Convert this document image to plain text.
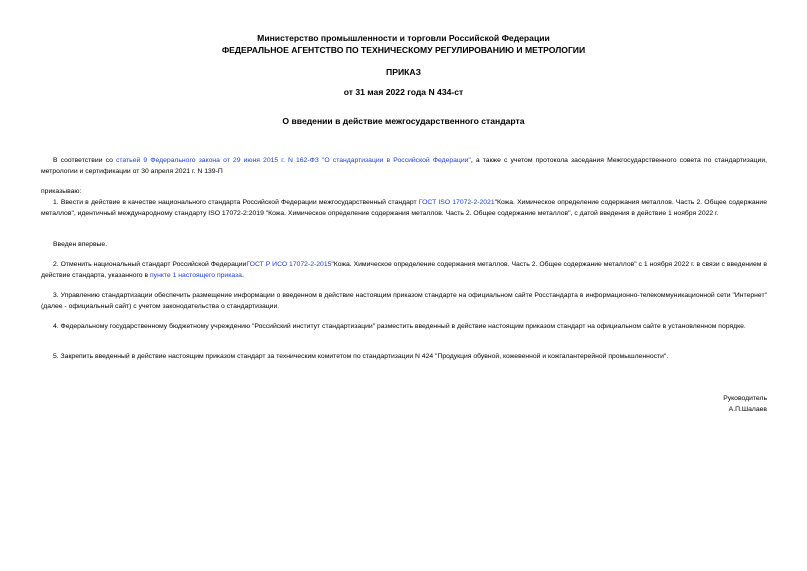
Министерство промышленности и торговли Российской Федерации
ФЕДЕРАЛЬНОЕ АГЕНТСТВО ПО ТЕХНИЧЕСКОМУ РЕГУЛИРОВАНИЮ И МЕТРОЛОГИИ
ПРИКАЗ
от 31 мая 2022 года N 434-ст
О введении в действие межгосударственного стандарта
В соответствии со статьей 9 Федерального закона от 29 июня 2015 г. N 162-ФЗ "О стандартизации в Российской Федерации", а также с учетом протокола заседания Межгосударственного совета по стандартизации, метрологии и сертификации от 30 апреля 2021 г. N 139-П
приказываю:
1. Ввести в действие в качестве национального стандарта Российской Федерации межгосударственный стандарт ГОСТ ISO 17072-2-2021"Кожа. Химическое определение содержания металлов. Часть 2. Общее содержание металлов", идентичный международному стандарту ISO 17072-2:2019 "Кожа. Химическое определение содержания металлов. Часть 2. Общее содержание металлов", с датой введения в действие 1 ноября 2022 г.
Введен впервые.
2. Отменить национальный стандарт Российской ФедерацииГОСТ Р ИСО 17072-2-2015"Кожа. Химическое определение содержания металлов. Часть 2. Общее содержание металлов" с 1 ноября 2022 г. в связи с введением в действие стандарта, указанного в пункте 1 настоящего приказа.
3. Управлению стандартизации обеспечить размещение информации о введенном в действие настоящим приказом стандарте на официальном сайте Росстандарта в информационно-телекоммуникационной сети "Интернет" (далее - официальный сайт) с учетом законодательства о стандартизации.
4. Федеральному государственному бюджетному учреждению "Российский институт стандартизации" разместить введенный в действие настоящим приказом стандарт на официальном сайте в установленном порядке.
5. Закрепить введенный в действие настоящим приказом стандарт за техническим комитетом по стандартизации N 424 "Продукция обувной, кожевенной и кожгалантерейной промышленности".
Руководитель
А.П.Шалаев
